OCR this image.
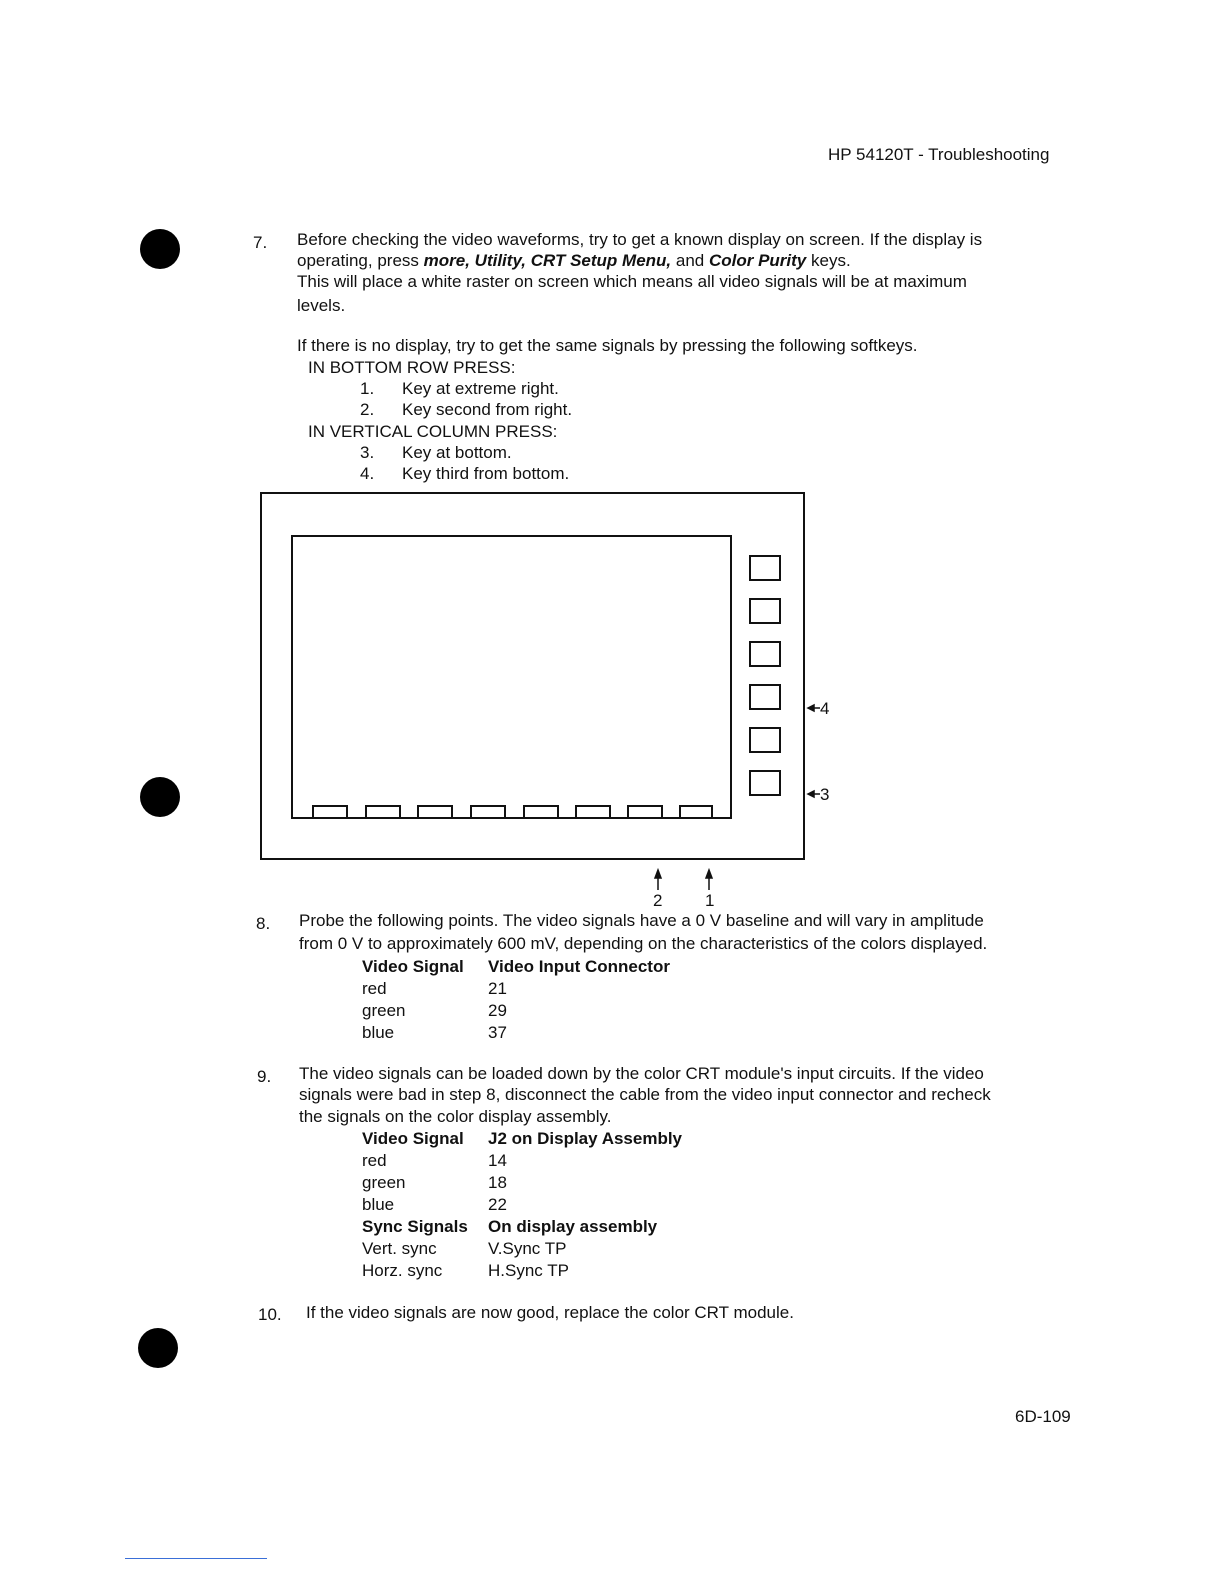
HP 54120T - Troubleshooting
7. Before checking the video waveforms, try to get a known display on screen. If the display is
operating, press more, Utility, CRT Setup Menu, and Color Purity keys.
This will place a white raster on screen which means all video signals will be at maximum
levels.
If there is no display, try to get the same signals by pressing the following softkeys.
IN BOTTOM ROW PRESS:
1. Key at extreme right.
2. Key second from right.
IN VERTICAL COLUMN PRESS:
3. Key at bottom.
4. Key third from bottom.
4
3
2	1
8. Probe the following points. The video signals have a 0 V baseline and will vary in amplitude
from 0 V to approximately 600 mV, depending on the characteristics of the colors displayed.
Video Signal	Video Input Connector
red	21
green	29
blue	37
9. The video signals can be loaded down by the color CRT module's input circuits. If the video
signals were bad in step 8, disconnect the cable from the video input connector and recheck
the signals on the color display assembly.
Video Signal	J2 on Display Assembly
red	14
green	18
blue	22
Sync Signals	On display assembly
Vert. sync	V.Sync TP
Horz. sync	H.Sync TP
10. If the video signals are now good, replace the color CRT module.
6D-109
